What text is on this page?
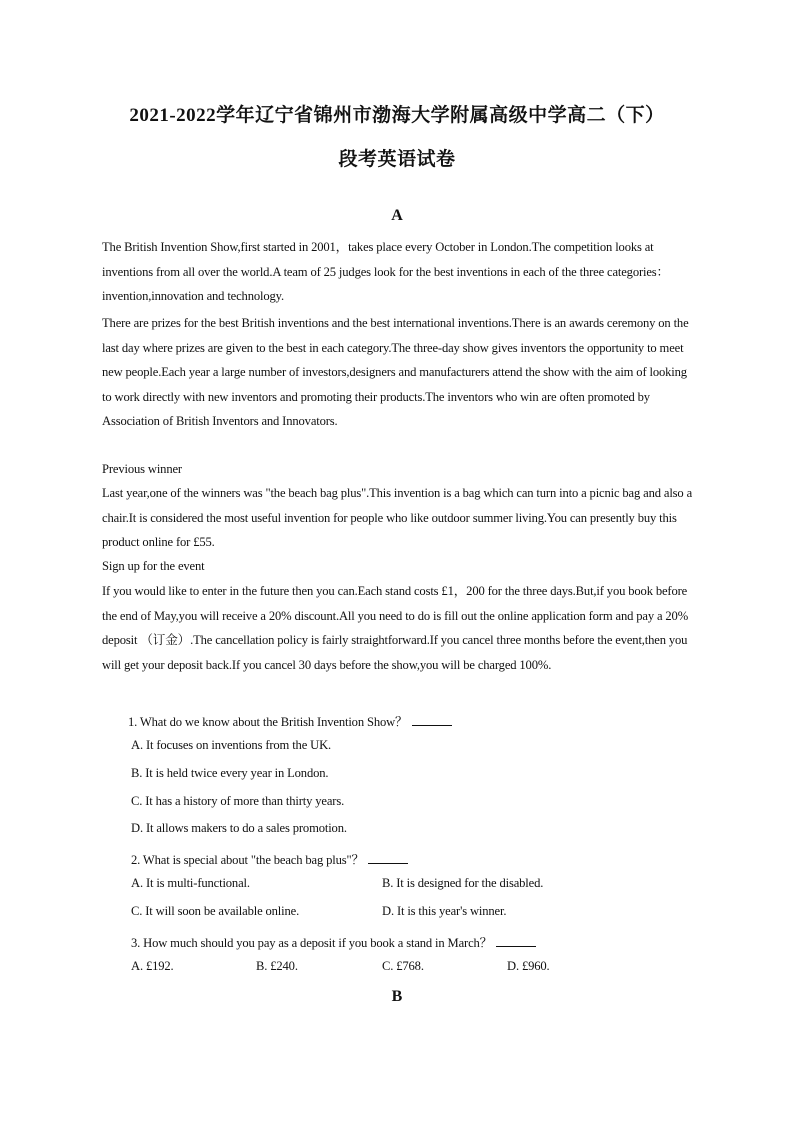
2021-2022学年辽宁省锦州市渤海大学附属高级中学高二（下）
段考英语试卷
A

The British Invention Show,first started in 2001，takes place every October in London.The competition looks at inventions from all over the world.A team of 25 judges look for the best inventions in each of the three categories：invention,innovation and technology.

There are prizes for the best British inventions and the best international inventions.There is an awards ceremony on the last day where prizes are given to the best in each category.The three-day show gives inventors the opportunity to meet new people.Each year a large number of investors,designers and manufacturers attend the show with the aim of looking to work directly with new inventors and promoting their products.The inventors who win are often promoted by Association of British Inventors and Innovators.

Previous winner

Last year,one of the winners was "the beach bag plus".This invention is a bag which can turn into a picnic bag and also a chair.It is considered the most useful invention for people who like outdoor summer living.You can presently buy this product online for £55.

Sign up for the event

If you would like to enter in the future then you can.Each stand costs £1，200 for the three days.But,if you book before the end of May,you will receive a 20% discount.All you need to do is fill out the online application form and pay a 20% deposit （订金）.The cancellation policy is fairly straightforward.If you cancel three months before the event,then you will get your deposit back.If you cancel 30 days before the show,you will be charged 100%.

1. What do we know about the British Invention Show？
A. It focuses on inventions from the UK.
B. It is held twice every year in London.
C. It has a history of more than thirty years.
D. It allows makers to do a sales promotion.
2. What is special about "the beach bag plus"？
A. It is multi-functional.	B. It is designed for the disabled.
C. It will soon be available online.	D. It is this year's winner.
3. How much should you pay as a deposit if you book a stand in March？
A. £192.	B. £240.	C. £768.	D. £960.
B
